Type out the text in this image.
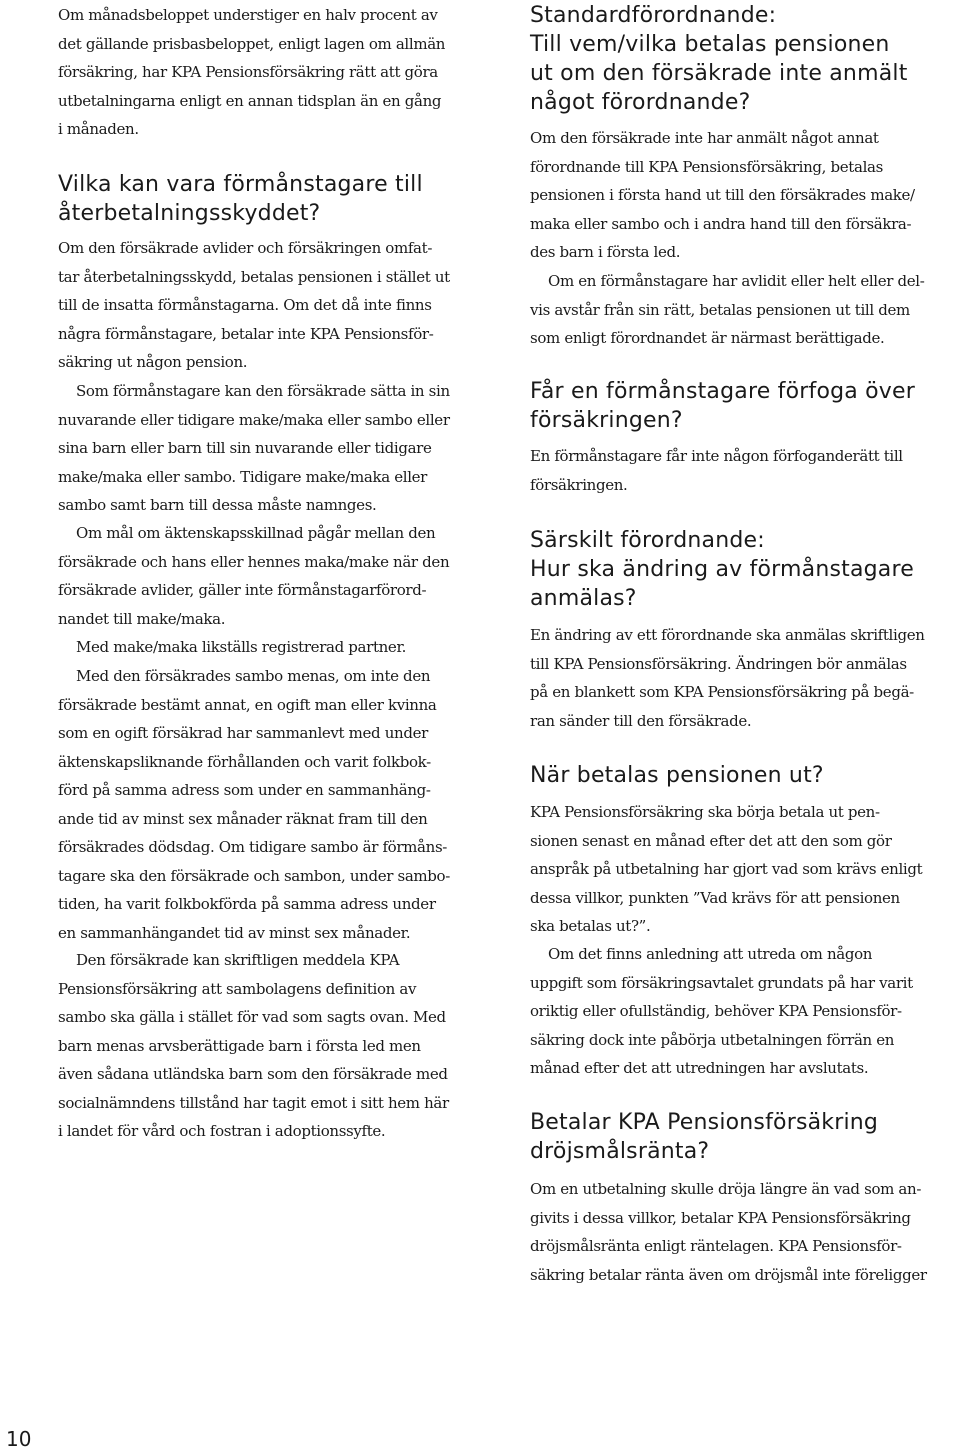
Om månadsbeloppet understiger en halv procent av
det gällande prisbasbeloppet, enligt lagen om allmän
försäkring, har KPA Pensionsförsäkring rätt att göra
utbetalningarna enligt en annan tidsplan än en gång
i månaden.

Vilka kan vara förmånstagare till
återbetalningsskyddet?

Om den försäkrade avlider och försäkringen omfat-
tar återbetalningsskydd, betalas pensionen i stället ut
till de insatta förmånstagarna. Om det då inte finns
några förmånstagare, betalar inte KPA Pensionsför-
säkring ut någon pension.

Som förmånstagare kan den försäkrade sätta in sin
nuvarande eller tidigare make/maka eller sambo eller
sina barn eller barn till sin nuvarande eller tidigare
make/maka eller sambo. Tidigare make/maka eller
sambo samt barn till dessa måste namnges.

Om mål om äktenskapsskillnad pågår mellan den
försäkrade och hans eller hennes maka/make när den
försäkrade avlider, gäller inte förmånstagarförord-
nandet till make/maka.

Med make/maka likställs registrerad partner.

Med den försäkrades sambo menas, om inte den
försäkrade bestämt annat, en ogift man eller kvinna
som en ogift försäkrad har sammanlevt med under
äktenskapsliknande förhållanden och varit folkbok-
förd på samma adress som under en sammanhäng-
ande tid av minst sex månader räknat fram till den
försäkrades dödsdag. Om tidigare sambo är förmåns-
tagare ska den försäkrade och sambon, under sambo-
tiden, ha varit folkbokförda på samma adress under
en sammanhängandet tid av minst sex månader.

Den försäkrade kan skriftligen meddela KPA
Pensionsförsäkring att sambolagens definition av
sambo ska gälla i stället för vad som sagts ovan. Med
barn menas arvsberättigade barn i första led men
även sådana utländska barn som den försäkrade med
socialnämndens tillstånd har tagit emot i sitt hem här
i landet för vård och fostran i adoptionssyfte.

Standardförordnande:
Till vem/vilka betalas pensionen
ut om den försäkrade inte anmält
något förordnande?

Om den försäkrade inte har anmält något annat
förordnande till KPA Pensionsförsäkring, betalas
pensionen i första hand ut till den försäkrades make/
maka eller sambo och i andra hand till den försäkra-
des barn i första led.

Om en förmånstagare har avlidit eller helt eller del-
vis avstår från sin rätt, betalas pensionen ut till dem
som enligt förordnandet är närmast berättigade.

Får en förmånstagare förfoga över
försäkringen?

En förmånstagare får inte någon förfoganderätt till
försäkringen.

Särskilt förordnande:
Hur ska ändring av förmånstagare
anmälas?

En ändring av ett förordnande ska anmälas skriftligen
till KPA Pensionsförsäkring. Ändringen bör anmälas
på en blankett som KPA Pensionsförsäkring på begä-
ran sänder till den försäkrade.

När betalas pensionen ut?

KPA Pensionsförsäkring ska börja betala ut pen-
sionen senast en månad efter det att den som gör
anspråk på utbetalning har gjort vad som krävs enligt
dessa villkor, punkten ”Vad krävs för att pensionen
ska betalas ut?”.

Om det finns anledning att utreda om någon
uppgift som försäkringsavtalet grundats på har varit
oriktig eller ofullständig, behöver KPA Pensionsför-
säkring dock inte påbörja utbetalningen förrän en
månad efter det att utredningen har avslutats.

Betalar KPA Pensionsförsäkring
dröjsmålsränta?

Om en utbetalning skulle dröja längre än vad som an-
givits i dessa villkor, betalar KPA Pensionsförsäkring
dröjsmålsränta enligt räntelagen. KPA Pensionsför-
säkring betalar ränta även om dröjsmål inte föreligger

10
